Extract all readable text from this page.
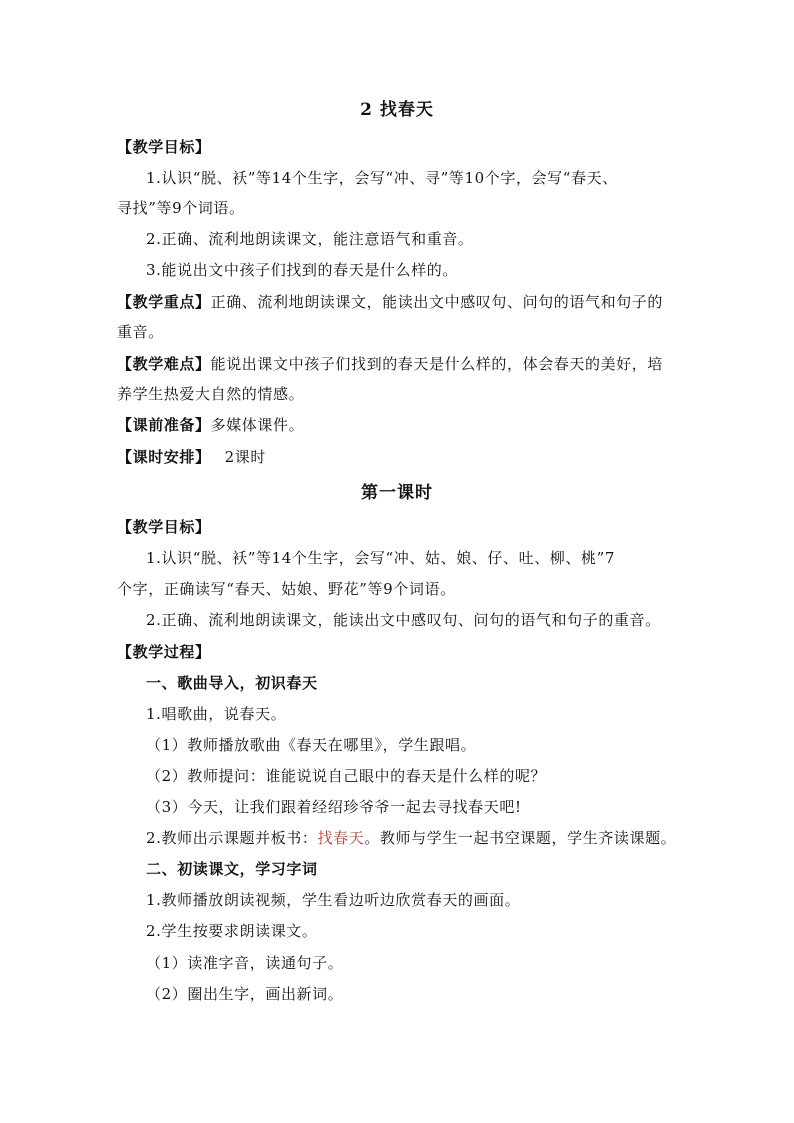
2 找春天
【教学目标】
1.认识“脱、袄”等14个生字，会写“冲、寻”等10个字，会写“春天、
寻找”等9个词语。
2.正确、流利地朗读课文，能注意语气和重音。
3.能说出文中孩子们找到的春天是什么样的。
【教学重点】正确、流利地朗读课文，能读出文中感叹句、问句的语气和句子的
重音。
【教学难点】能说出课文中孩子们找到的春天是什么样的，体会春天的美好，培
养学生热爱大自然的情感。
【课前准备】多媒体课件。
【课时安排】 2课时
第一课时
【教学目标】
1.认识“脱、袄”等14个生字，会写“冲、姑、娘、仔、吐、柳、桃”7
个字，正确读写“春天、姑娘、野花”等9个词语。
2.正确、流利地朗读课文，能读出文中感叹句、问句的语气和句子的重音。
【教学过程】
一、歌曲导入，初识春天
1.唱歌曲，说春天。
（1）教师播放歌曲《春天在哪里》，学生跟唱。
（2）教师提问：谁能说说自己眼中的春天是什么样的呢？
（3）今天，让我们跟着经绍珍爷爷一起去寻找春天吧!
2.教师出示课题并板书：找春天。教师与学生一起书空课题，学生齐读课题。
二、初读课文，学习字词
1.教师播放朗读视频，学生看边听边欣赏春天的画面。
2.学生按要求朗读课文。
（1）读准字音，读通句子。
（2）圈出生字，画出新词。
